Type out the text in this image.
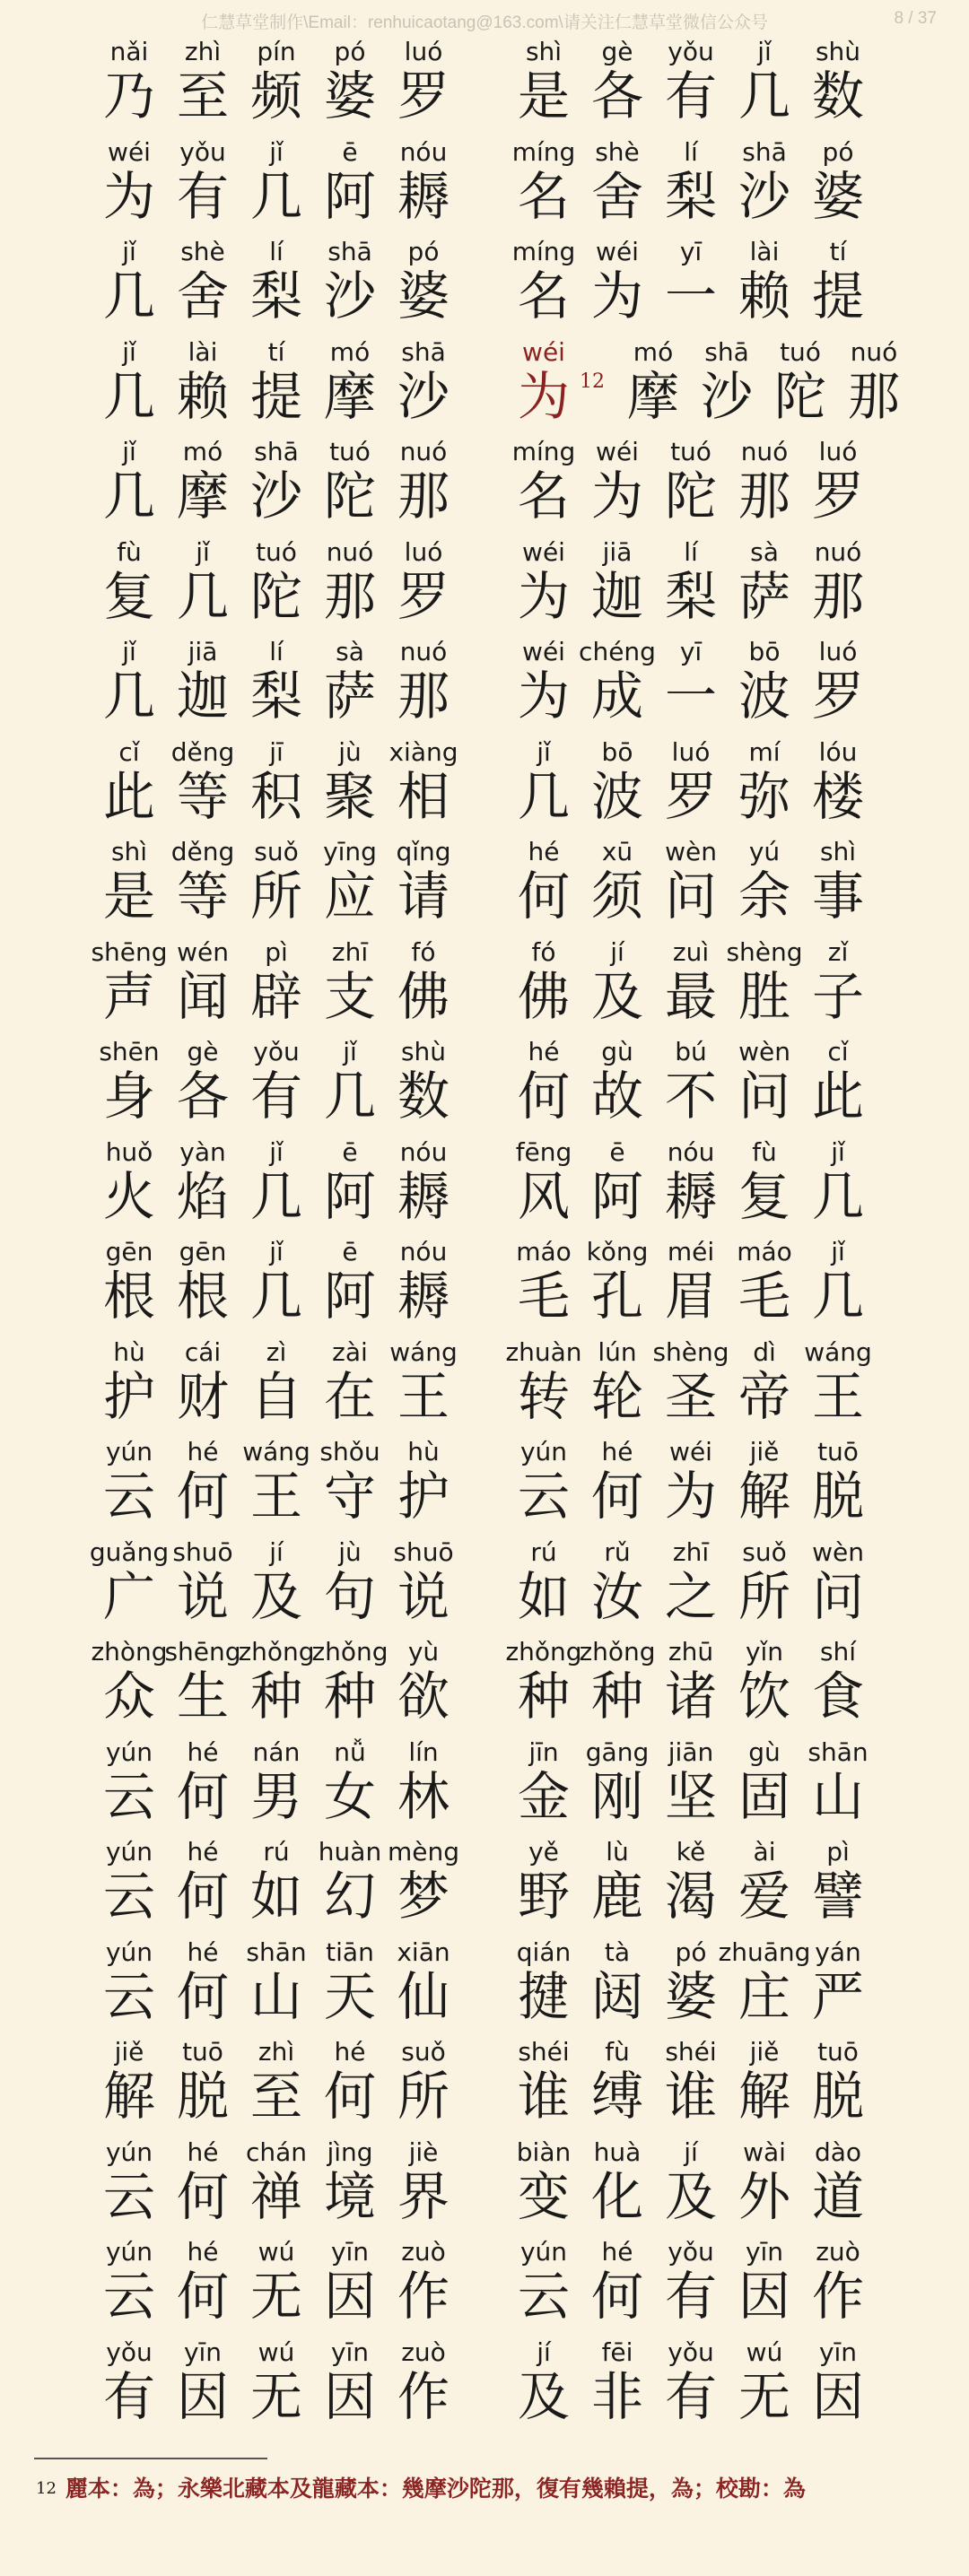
仁慧草堂制作\Email：renhuicaotang@163.com\请关注仁慧草堂微信公众号	8 / 37
nǎi
乃
zhì
至
pín
频
pó
婆
luó
罗
wéi
为
yǒu
有
jǐ
几
ē
阿
nóu
耨
jǐ
几
shè
舍
lí
梨
shā
沙
pó
婆
jǐ
几
lài
赖
tí
提
mó
摩
shā
沙
jǐ
几
mó
摩
shā
沙
tuó
陀
nuó
那
fù
复
jǐ
几
tuó
陀
nuó
那
luó
罗
jǐ
几
jiā
迦
lí
梨
sà
萨
nuó
那
cǐ
此
děng
等
jī
积
jù
聚
xiàng
相
shì
是
děng
等
suǒ
所
yīng
应
qǐng
请
shēng
声
wén
闻
pì
辟
zhī
支
fó
佛
shēn
身
gè
各
yǒu
有
jǐ
几
shù
数
huǒ
火
yàn
焰
jǐ
几
ē
阿
nóu
耨
gēn
根
gēn
根
jǐ
几
ē
阿
nóu
耨
hù
护
cái
财
zì
自
zài
在
wáng
王
yún
云
hé
何
wáng
王
shǒu
守
hù
护
guǎng
广
shuō
说
jí
及
jù
句
shuō
说
zhòng
众
shēng
生
zhǒng
种
zhǒng
种
yù
欲
yún
云
hé
何
nán
男
nǚ
女
lín
林
yún
云
hé
何
rú
如
huàn
幻
mèng
梦
yún
云
hé
何
shān
山
tiān
天
xiān
仙
jiě
解
tuō
脱
zhì
至
hé
何
suǒ
所
yún
云
hé
何
chán
禅
jìng
境
jiè
界
yún
云
hé
何
wú
无
yīn
因
zuò
作
yǒu
有
yīn
因
wú
无
yīn
因
zuò
作
shì
是
gè
各
yǒu
有
jǐ
几
shù
数
míng
名
shè
舍
lí
梨
shā
沙
pó
婆
míng
名
wéi
为
yī
一
lài
赖
tí
提
wéi
为
mó
摩
shā
沙
tuó
陀
nuó
那
12
míng
名
wéi
为
tuó
陀
nuó
那
luó
罗
wéi
为
jiā
迦
lí
梨
sà
萨
nuó
那
wéi
为
chéng
成
yī
一
bō
波
luó
罗
jǐ
几
bō
波
luó
罗
mí
弥
lóu
楼
hé
何
xū
须
wèn
问
yú
余
shì
事
fó
佛
jí
及
zuì
最
shèng
胜
zǐ
子
hé
何
gù
故
bú
不
wèn
问
cǐ
此
fēng
风
ē
阿
nóu
耨
fù
复
jǐ
几
máo
毛
kǒng
孔
méi
眉
máo
毛
jǐ
几
zhuàn
转
lún
轮
shèng
圣
dì
帝
wáng
王
yún
云
hé
何
wéi
为
jiě
解
tuō
脱
rú
如
rǔ
汝
zhī
之
suǒ
所
wèn
问
zhǒng
种
zhǒng
种
zhū
诸
yǐn
饮
shí
食
jīn
金
gāng
刚
jiān
坚
gù
固
shān
山
yě
野
lù
鹿
kě
渴
ài
爱
pì
譬
qián
揵
tà
闼
pó
婆
zhuāng
庄
yán
严
shéi
谁
fù
缚
shéi
谁
jiě
解
tuō
脱
biàn
变
huà
化
jí
及
wài
外
dào
道
yún
云
hé
何
yǒu
有
yīn
因
zuò
作
jí
及
fēi
非
yǒu
有
wú
无
yīn
因
$^{12}$ 麗本：為；永樂北藏本及龍藏本：幾摩沙陀那，復有幾賴提，為；校勘：為
